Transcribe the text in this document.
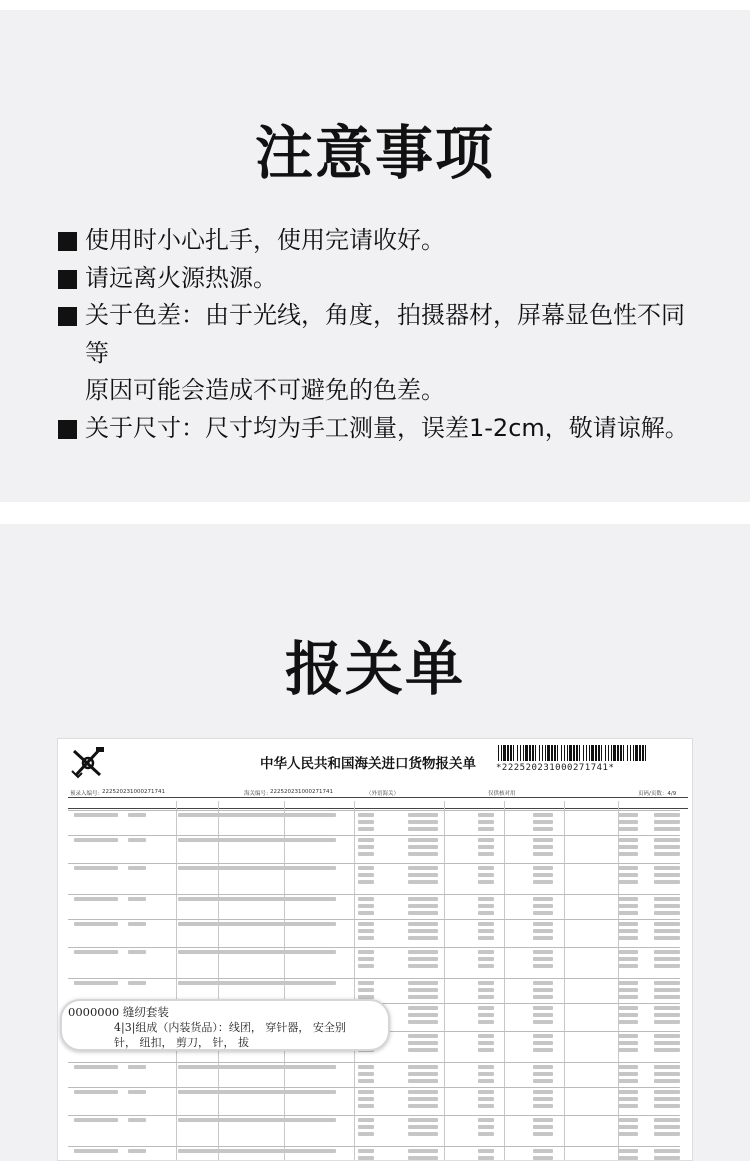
注意事项
使用时小心扎手，使用完请收好。
请远离火源热源。
关于色差：由于光线，角度，拍摄器材，屏幕显色性不同等
原因可能会造成不可避免的色差。
关于尺寸：尺寸均为手工测量，误差1-2cm，敬请谅解。
报关单
中华人民共和国海关进口货物报关单 *222520231000271741*
预录入编号：
222520231000271741	海关编号：
222520231000271741	（外语海关）	仅供核对用	页码/页数：4/9
0000000 缝纫套装
4|3|组成（内装货品）：线团， 穿针器， 安全别
针， 纽扣， 剪刀， 针， 拔
